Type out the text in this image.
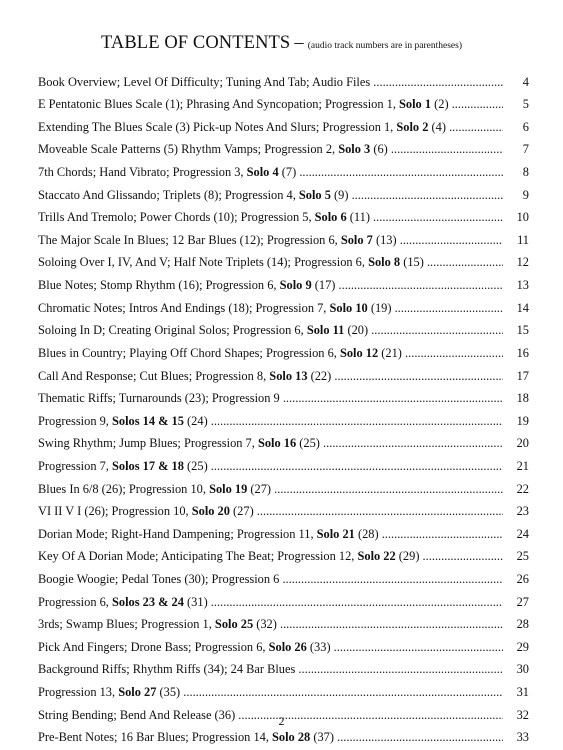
TABLE OF CONTENTS – (audio track numbers are in parentheses)
Book Overview; Level Of Difficulty; Tuning And Tab; Audio Files .....	4
E Pentatonic Blues Scale (1); Phrasing And Syncopation; Progression 1, Solo 1 (2) .....	5
Extending The Blues Scale (3) Pick-up Notes And Slurs; Progression 1, Solo 2 (4) .....	6
Moveable Scale Patterns (5) Rhythm Vamps; Progression 2, Solo 3 (6) .....	7
7th Chords; Hand Vibrato; Progression 3, Solo 4 (7) .....	8
Staccato And Glissando; Triplets (8); Progression 4, Solo 5 (9) .....	9
Trills And Tremolo; Power Chords (10); Progression 5, Solo 6 (11) .....	10
The Major Scale In Blues; 12 Bar Blues (12); Progression 6, Solo 7 (13) .....	11
Soloing Over I, IV, And V; Half Note Triplets (14); Progression 6, Solo 8 (15) .....	12
Blue Notes; Stomp Rhythm (16); Progression 6, Solo 9 (17) .....	13
Chromatic Notes; Intros And Endings (18); Progression 7, Solo 10 (19) .....	14
Soloing In D; Creating Original Solos; Progression 6, Solo 11 (20) .....	15
Blues in Country; Playing Off Chord Shapes; Progression 6, Solo 12 (21) .....	16
Call And Response; Cut Blues; Progression 8, Solo 13 (22) .....	17
Thematic Riffs; Turnarounds (23); Progression 9 .....	18
Progression 9, Solos 14 & 15 (24) .....	19
Swing Rhythm; Jump Blues; Progression 7, Solo 16 (25) .....	20
Progression 7, Solos 17 & 18 (25) .....	21
Blues In 6/8 (26); Progression 10, Solo 19 (27) .....	22
VI II V I (26); Progression 10, Solo 20 (27) .....	23
Dorian Mode; Right-Hand Dampening; Progression 11, Solo 21 (28) .....	24
Key Of A Dorian Mode; Anticipating The Beat; Progression 12, Solo 22 (29) .....	25
Boogie Woogie; Pedal Tones (30); Progression 6 .....	26
Progression 6, Solos 23 & 24 (31) .....	27
3rds; Swamp Blues; Progression 1, Solo 25 (32) .....	28
Pick And Fingers; Drone Bass; Progression 6, Solo 26 (33) .....	29
Background Riffs; Rhythm Riffs (34); 24 Bar Blues .....	30
Progression 13, Solo 27 (35) .....	31
String Bending; Bend And Release (36) .....	32
Pre-Bent Notes; 16 Bar Blues; Progression 14, Solo 28 (37) .....	33
2
